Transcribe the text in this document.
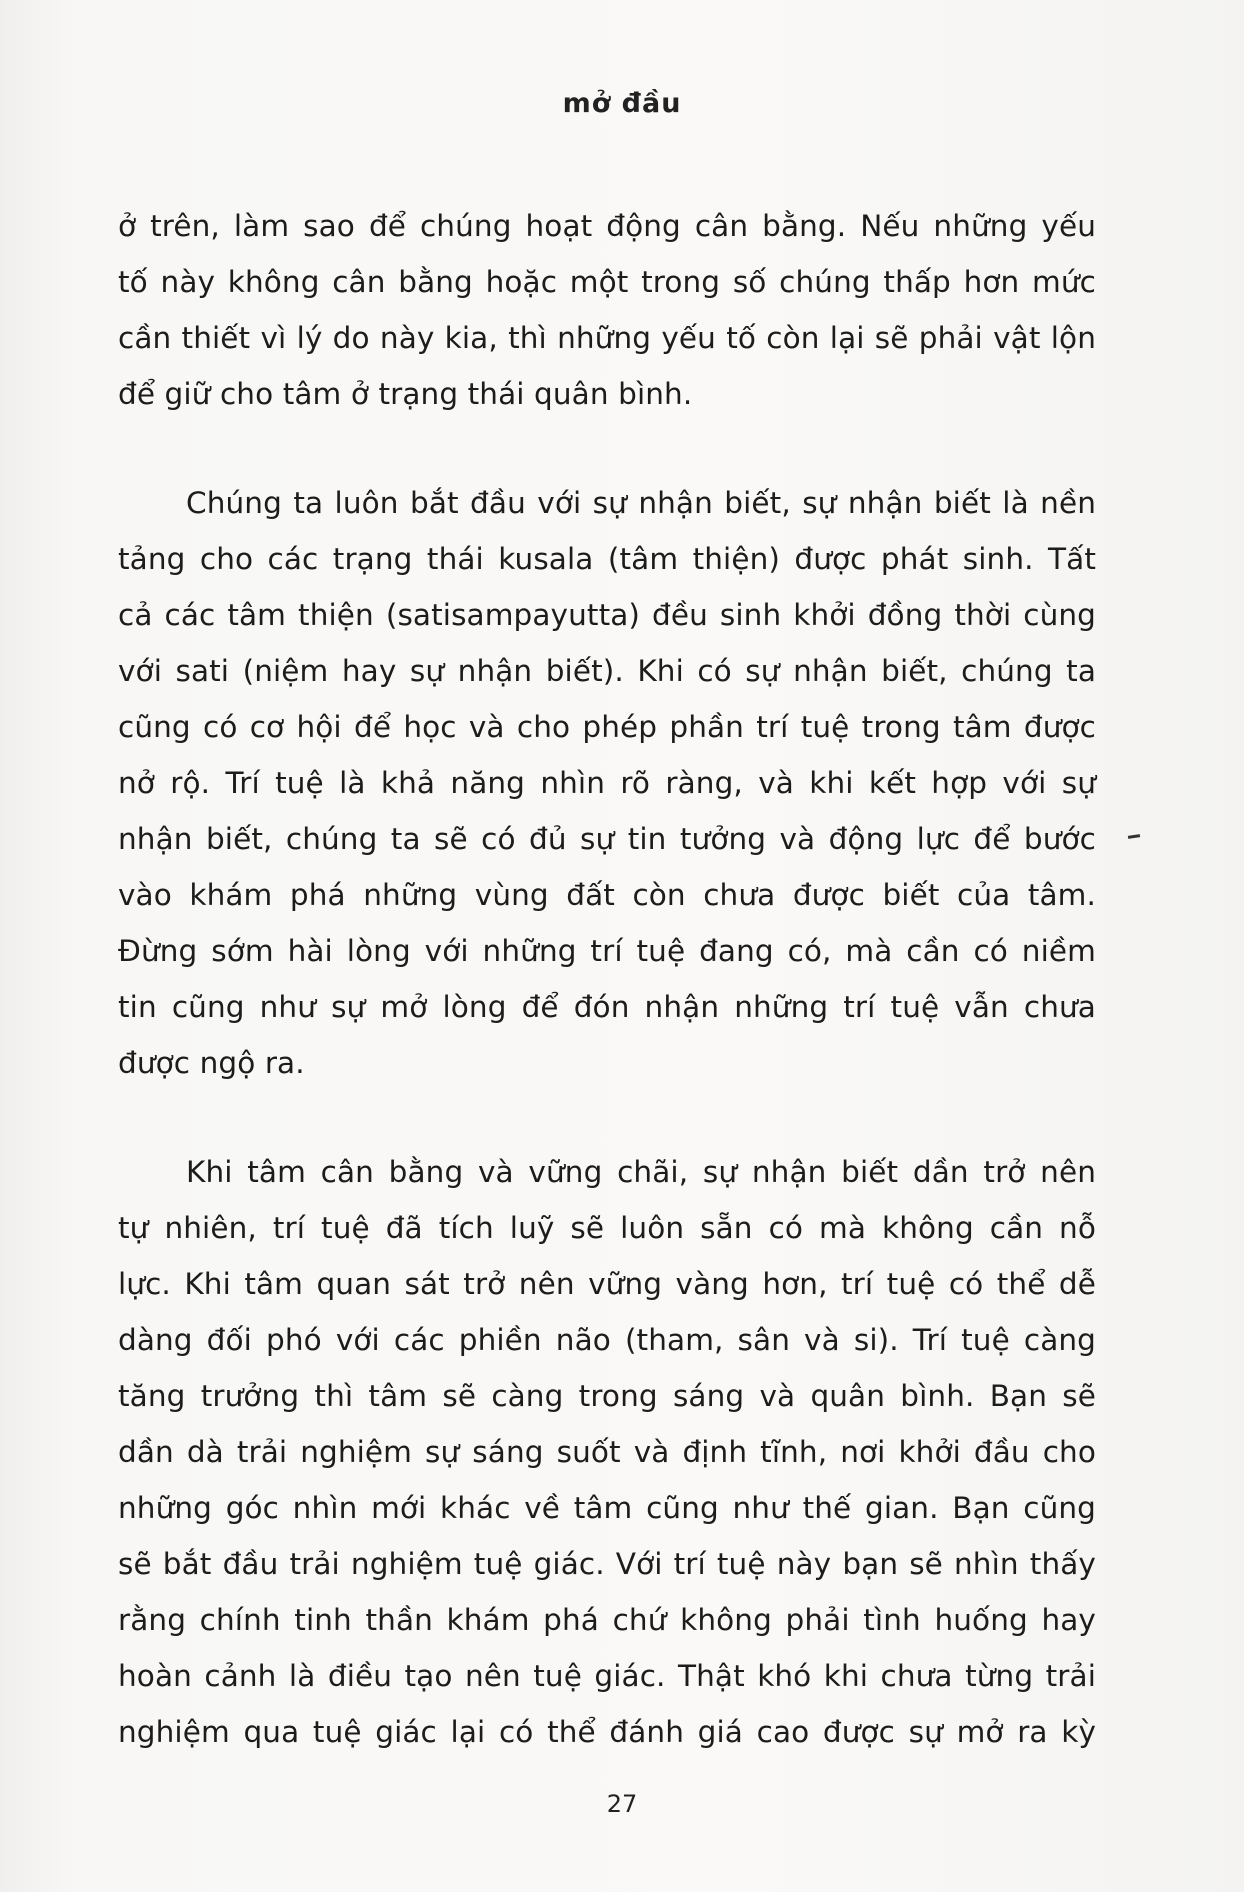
mở đầu
ở trên, làm sao để chúng hoạt động cân bằng. Nếu những yếu
tố này không cân bằng hoặc một trong số chúng thấp hơn mức
cần thiết vì lý do này kia, thì những yếu tố còn lại sẽ phải vật lộn
để giữ cho tâm ở trạng thái quân bình.
Chúng ta luôn bắt đầu với sự nhận biết, sự nhận biết là nền
tảng cho các trạng thái kusala (tâm thiện) được phát sinh. Tất
cả các tâm thiện (satisampayutta) đều sinh khởi đồng thời cùng
với sati (niệm hay sự nhận biết). Khi có sự nhận biết, chúng ta
cũng có cơ hội để học và cho phép phần trí tuệ trong tâm được
nở rộ. Trí tuệ là khả năng nhìn rõ ràng, và khi kết hợp với sự
nhận biết, chúng ta sẽ có đủ sự tin tưởng và động lực để bước
vào khám phá những vùng đất còn chưa được biết của tâm.
Đừng sớm hài lòng với những trí tuệ đang có, mà cần có niềm
tin cũng như sự mở lòng để đón nhận những trí tuệ vẫn chưa
được ngộ ra.
Khi tâm cân bằng và vững chãi, sự nhận biết dần trở nên
tự nhiên, trí tuệ đã tích luỹ sẽ luôn sẵn có mà không cần nỗ
lực. Khi tâm quan sát trở nên vững vàng hơn, trí tuệ có thể dễ
dàng đối phó với các phiền não (tham, sân và si). Trí tuệ càng
tăng trưởng thì tâm sẽ càng trong sáng và quân bình. Bạn sẽ
dần dà trải nghiệm sự sáng suốt và định tĩnh, nơi khởi đầu cho
những góc nhìn mới khác về tâm cũng như thế gian. Bạn cũng
sẽ bắt đầu trải nghiệm tuệ giác. Với trí tuệ này bạn sẽ nhìn thấy
rằng chính tinh thần khám phá chứ không phải tình huống hay
hoàn cảnh là điều tạo nên tuệ giác. Thật khó khi chưa từng trải
nghiệm qua tuệ giác lại có thể đánh giá cao được sự mở ra kỳ
27
